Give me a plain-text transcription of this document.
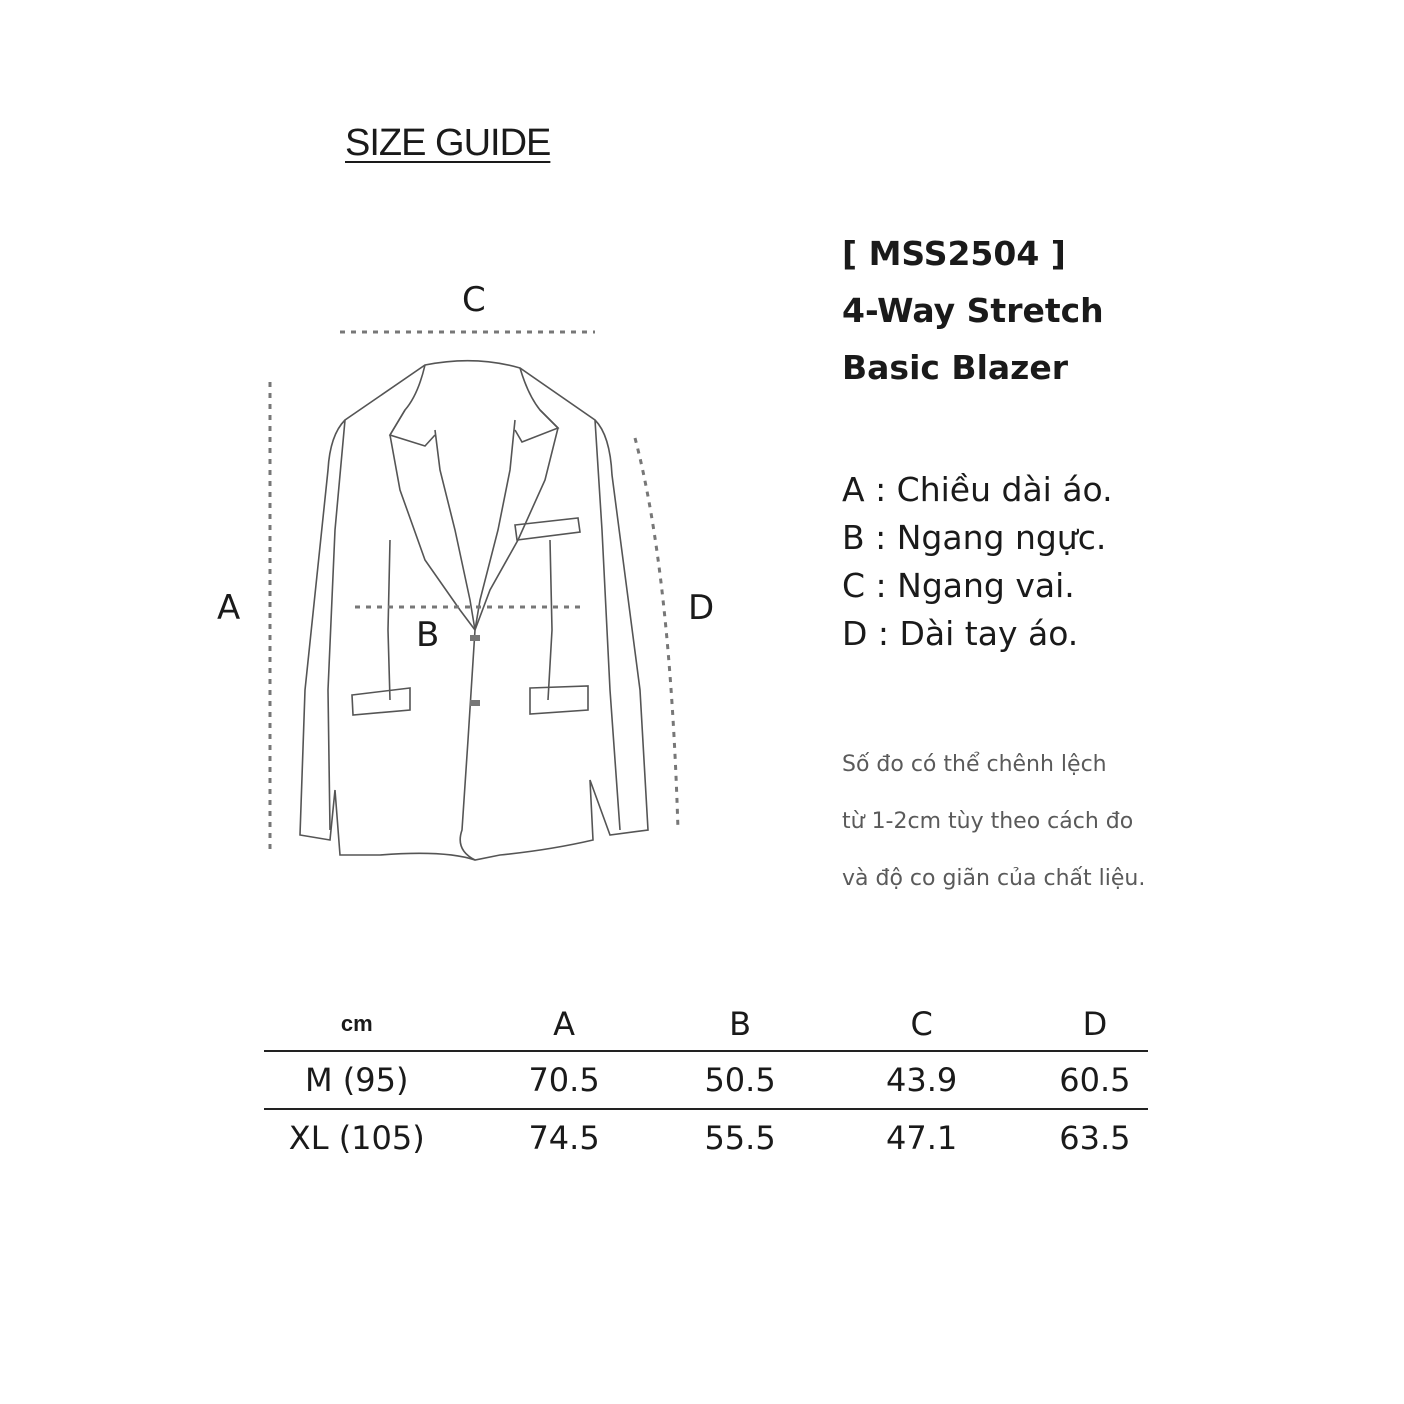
SIZE GUIDE
C
A
B
D
[ MSS2504 ]
4-Way Stretch
Basic Blazer
A : Chiều dài áo.
B : Ngang ngực.
C : Ngang vai.
D : Dài tay áo.
Số đo có thể chênh lệch
từ 1-2cm tùy theo cách đo
và độ co giãn của chất liệu.
cm	A	B	C	D
M (95)	70.5	50.5	43.9	60.5
XL (105)	74.5	55.5	47.1	63.5
